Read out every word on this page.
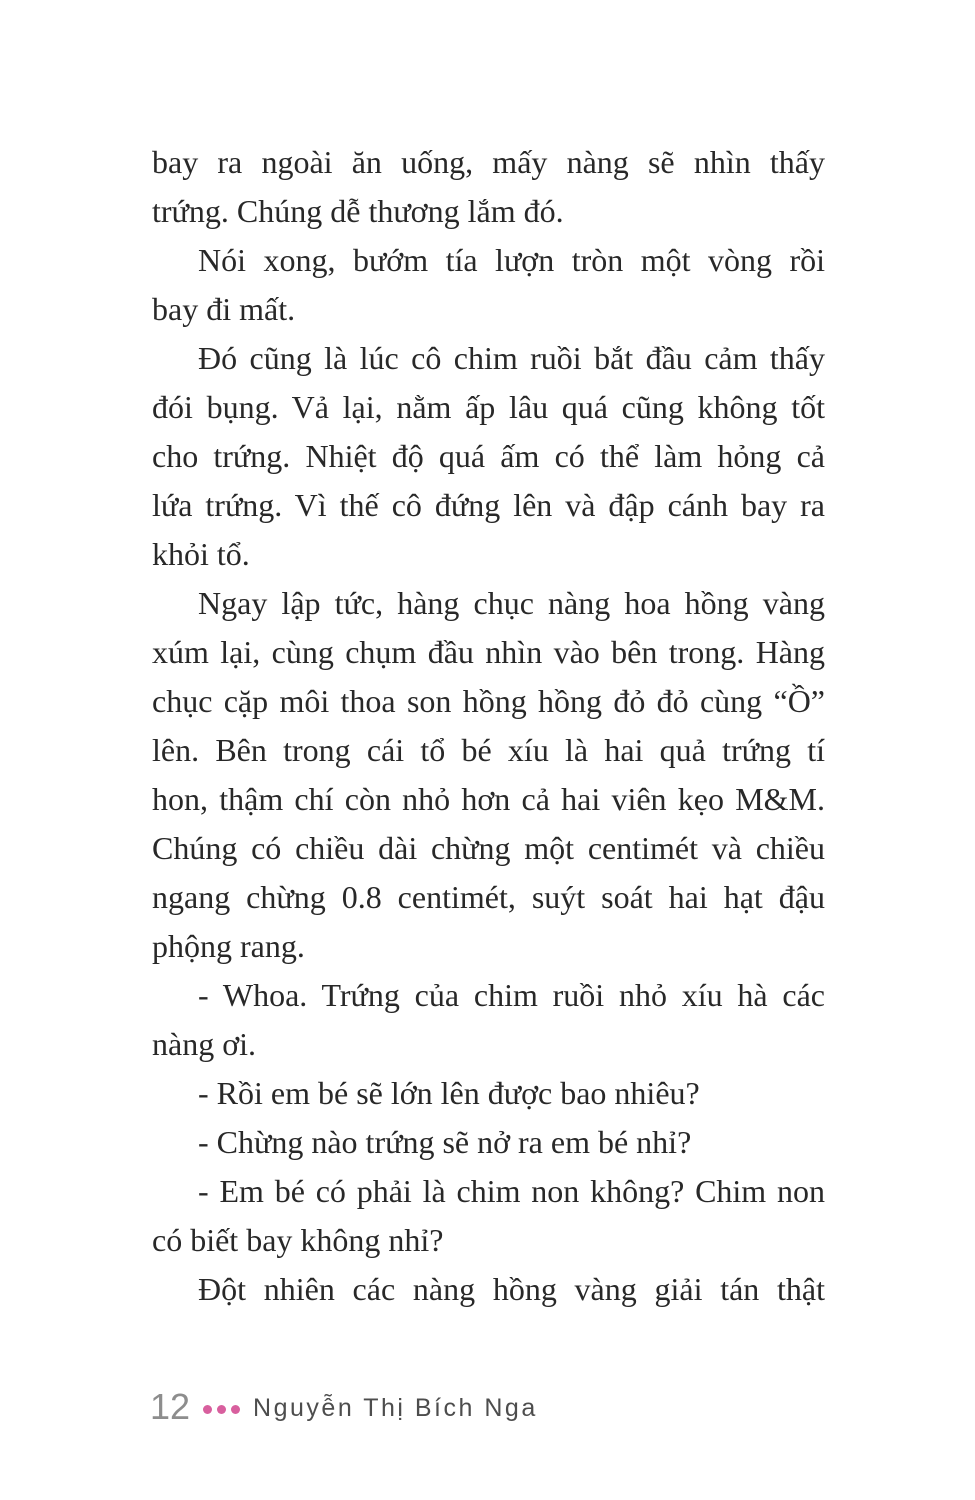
bay ra ngoài ăn uống, mấy nàng sẽ nhìn thấy
trứng. Chúng dễ thương lắm đó.
Nói xong, bướm tía lượn tròn một vòng rồi
bay đi mất.
Đó cũng là lúc cô chim ruồi bắt đầu cảm thấy
đói bụng. Vả lại, nằm ấp lâu quá cũng không tốt
cho trứng. Nhiệt độ quá ấm có thể làm hỏng cả
lứa trứng. Vì thế cô đứng lên và đập cánh bay ra
khỏi tổ.
Ngay lập tức, hàng chục nàng hoa hồng vàng
xúm lại, cùng chụm đầu nhìn vào bên trong. Hàng
chục cặp môi thoa son hồng hồng đỏ đỏ cùng “Ồ”
lên. Bên trong cái tổ bé xíu là hai quả trứng tí
hon, thậm chí còn nhỏ hơn cả hai viên kẹo M&M.
Chúng có chiều dài chừng một centimét và chiều
ngang chừng 0.8 centimét, suýt soát hai hạt đậu
phộng rang.
- Whoa. Trứng của chim ruồi nhỏ xíu hà các
nàng ơi.
- Rồi em bé sẽ lớn lên được bao nhiêu?
- Chừng nào trứng sẽ nở ra em bé nhỉ?
- Em bé có phải là chim non không? Chim non
có biết bay không nhỉ?
Đột nhiên các nàng hồng vàng giải tán thật
12	Nguyễn Thị Bích Nga
